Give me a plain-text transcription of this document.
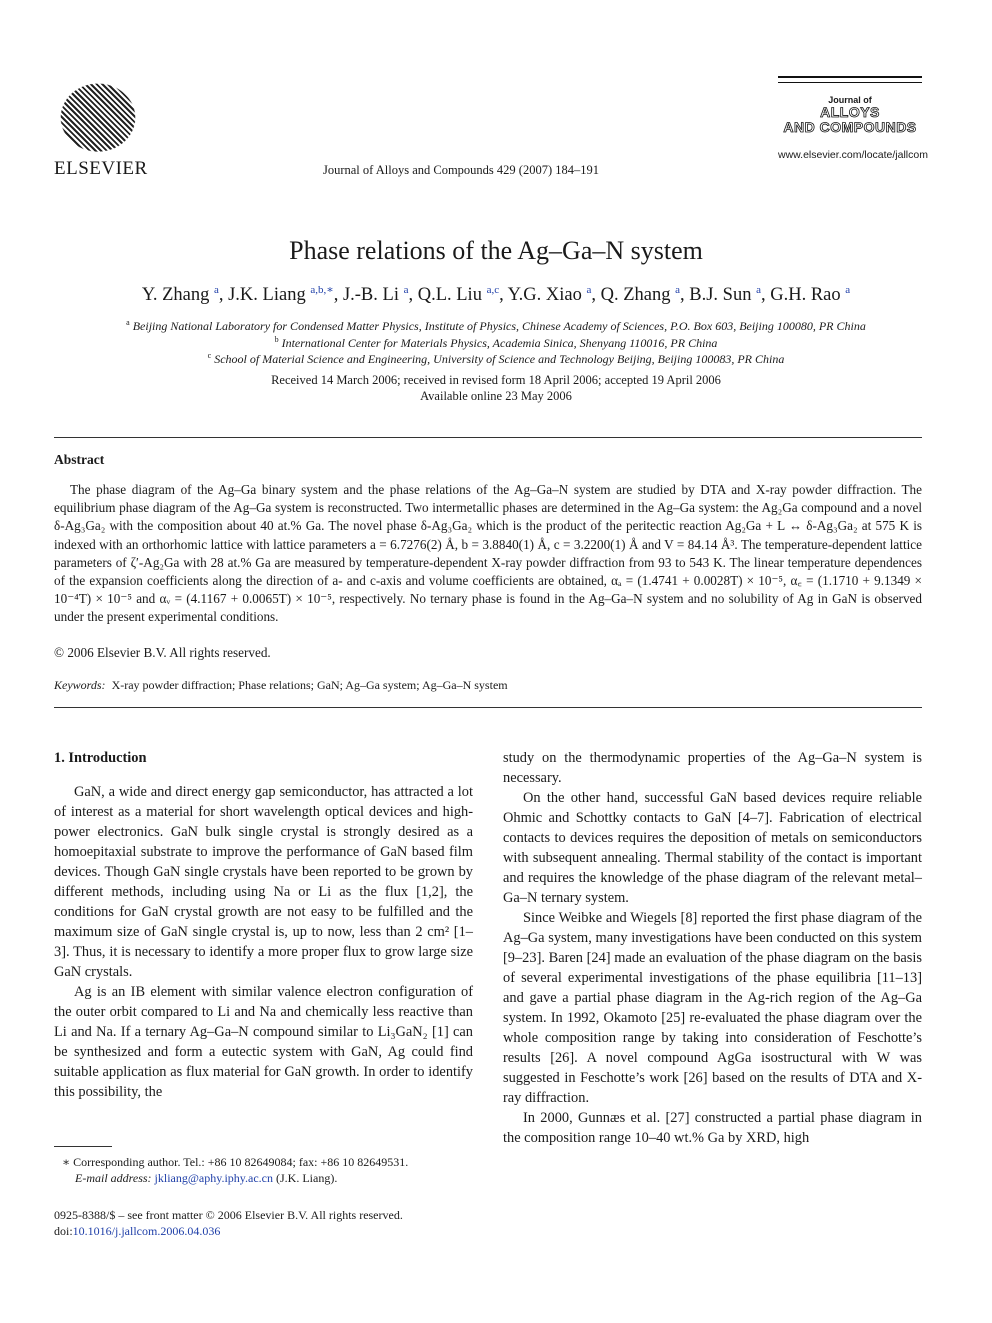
ELSEVIER	Journal of Alloys and Compounds 429 (2007) 184–191
Journal of
ALLOYS
AND COMPOUNDS
www.elsevier.com/locate/jallcom
Phase relations of the Ag–Ga–N system
Y. Zhang $^a$, J.K. Liang $^{a,b,∗}$, J.-B. Li $^a$, Q.L. Liu $^{a,c}$, Y.G. Xiao $^a$, Q. Zhang $^a$, B.J. Sun $^a$, G.H. Rao $^a$
$^a$ Beijing National Laboratory for Condensed Matter Physics, Institute of Physics, Chinese Academy of Sciences, P.O. Box 603, Beijing 100080, PR China
$^b$ International Center for Materials Physics, Academia Sinica, Shenyang 110016, PR China
$^c$ School of Material Science and Engineering, University of Science and Technology Beijing, Beijing 100083, PR China
Received 14 March 2006; received in revised form 18 April 2006; accepted 19 April 2006
Available online 23 May 2006
Abstract
The phase diagram of the Ag–Ga binary system and the phase relations of the Ag–Ga–N system are studied by DTA and X-ray powder diffraction. The equilibrium phase diagram of the Ag–Ga system is reconstructed. Two intermetallic phases are determined in the Ag–Ga system: the Ag₂Ga compound and a novel δ-Ag₃Ga₂ with the composition about 40 at.% Ga. The novel phase δ-Ag₃Ga₂ which is the product of the peritectic reaction Ag₂Ga + L ↔ δ-Ag₃Ga₂ at 575 K is indexed with an orthorhomic lattice with lattice parameters a = 6.7276(2) Å, b = 3.8840(1) Å, c = 3.2200(1) Å and V = 84.14 Å³. The temperature-dependent lattice parameters of ζ′-Ag₂Ga with 28 at.% Ga are measured by temperature-dependent X-ray powder diffraction from 93 to 543 K. The linear temperature dependences of the expansion coefficients along the direction of a- and c-axis and volume coefficients are obtained, αₐ = (1.4741 + 0.0028T) × 10⁻⁵, α꜀ = (1.1710 + 9.1349 × 10⁻⁴T) × 10⁻⁵ and αᵥ = (4.1167 + 0.0065T) × 10⁻⁵, respectively. No ternary phase is found in the Ag–Ga–N system and no solubility of Ag in GaN is observed under the present experimental conditions.
© 2006 Elsevier B.V. All rights reserved.
Keywords: X-ray powder diffraction; Phase relations; GaN; Ag–Ga system; Ag–Ga–N system
1. Introduction

GaN, a wide and direct energy gap semiconductor, has attracted a lot of interest as a material for short wavelength optical devices and high-power electronics. GaN bulk single crystal is strongly desired as a homoepitaxial substrate to improve the performance of GaN based film devices. Though GaN single crystals have been reported to be grown by different methods, including using Na or Li as the flux [1,2], the conditions for GaN crystal growth are not easy to be fulfilled and the maximum size of GaN single crystal is, up to now, less than 2 cm² [1–3]. Thus, it is necessary to identify a more proper flux to grow large size GaN crystals.

Ag is an IB element with similar valence electron configuration of the outer orbit compared to Li and Na and chemically less reactive than Li and Na. If a ternary Ag–Ga–N compound similar to Li₃GaN₂ [1] can be synthesized and form a eutectic system with GaN, Ag could find suitable application as flux material for GaN growth. In order to identify this possibility, the

study on the thermodynamic properties of the Ag–Ga–N system is necessary.

On the other hand, successful GaN based devices require reliable Ohmic and Schottky contacts to GaN [4–7]. Fabrication of electrical contacts to devices requires the deposition of metals on semiconductors with subsequent annealing. Thermal stability of the contact is important and requires the knowledge of the phase diagram of the relevant metal–Ga–N ternary system.

Since Weibke and Wiegels [8] reported the first phase diagram of the Ag–Ga system, many investigations have been conducted on this system [9–23]. Baren [24] made an evaluation of the phase diagram on the basis of several experimental investigations of the phase equilibria [11–13] and gave a partial phase diagram in the Ag-rich region of the Ag–Ga system. In 1992, Okamoto [25] re-evaluated the phase diagram over the whole composition range by taking into consideration of Feschotte’s results [26]. A novel compound AgGa isostructural with W was suggested in Feschotte’s work [26] based on the results of DTA and X-ray diffraction.

In 2000, Gunnæs et al. [27] constructed a partial phase diagram in the composition range 10–40 wt.% Ga by XRD, high

∗ Corresponding author. Tel.: +86 10 82649084; fax: +86 10 82649531.
E-mail address: jkliang@aphy.iphy.ac.cn (J.K. Liang).
0925-8388/$ – see front matter © 2006 Elsevier B.V. All rights reserved.
doi:10.1016/j.jallcom.2006.04.036
